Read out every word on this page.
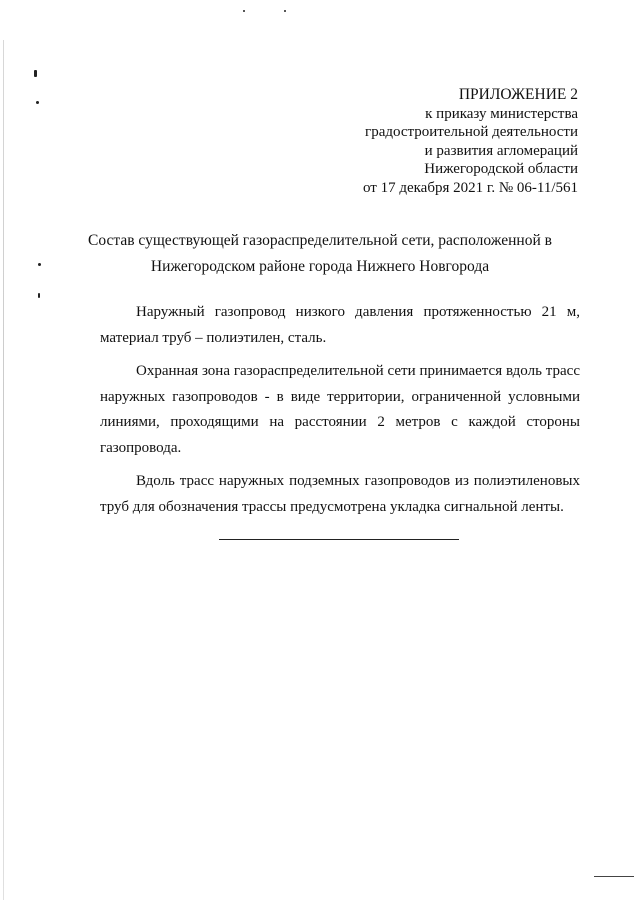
ПРИЛОЖЕНИЕ 2
к приказу министерства
градостроительной деятельности
и развития агломераций
Нижегородской области
от 17 декабря 2021 г. № 06-11/561
Состав существующей газораспределительной сети, расположенной в
Нижегородском районе города Нижнего Новгорода

Наружный газопровод низкого давления протяженностью 21 м, материал труб – полиэтилен, сталь.

Охранная зона газораспределительной сети принимается вдоль трасс наружных газопроводов - в виде территории, ограниченной условными линиями, проходящими на расстоянии 2 метров с каждой стороны газопровода.

Вдоль трасс наружных подземных газопроводов из полиэтиленовых труб для обозначения трассы предусмотрена укладка сигнальной ленты.
